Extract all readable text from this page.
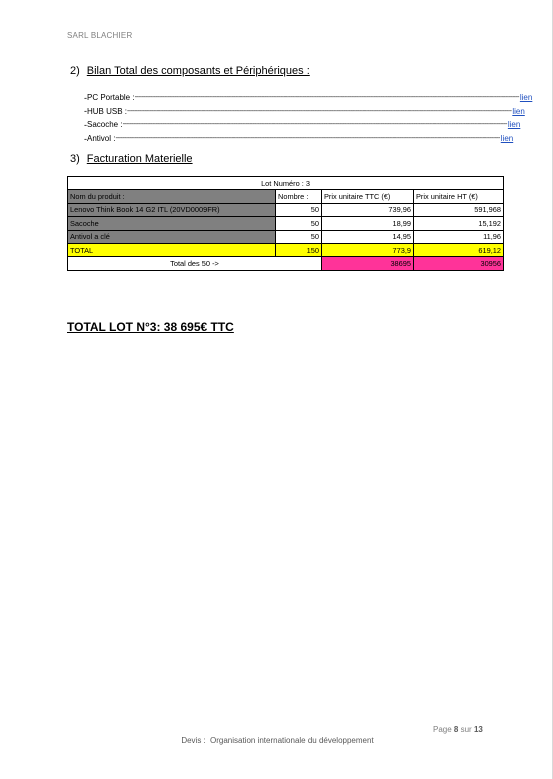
SARL BLACHIER
2) Bilan Total des composants et Périphériques :
- PC Portable : ------------------------------------------------------------------------------------------------------------------------------------------------------------------------------------------------------------------------------ lien
- HUB USB : ------------------------------------------------------------------------------------------------------------------------------------------------------------------------------------------------------------------------------ lien
- Sacoche : ------------------------------------------------------------------------------------------------------------------------------------------------------------------------------------------------------------------------------ lien
- Antivol : ------------------------------------------------------------------------------------------------------------------------------------------------------------------------------------------------------------------------------ lien
3) Facturation Materielle
Lot Numéro : 3			
Nom du produit :	Nombre :	Prix unitaire TTC (€)	Prix unitaire HT (€)
Lenovo Think Book 14 G2 ITL (20VD0009FR)	50	739,96	591,968
Sacoche	50	18,99	15,192
Antivol a clé	50	14,95	11,96
TOTAL	150	773,9	619,12
Total des 50 ->		38695	30956
TOTAL LOT N°3: 38 695€ TTC
Page 8 sur 13
Devis : Organisation internationale du développement
